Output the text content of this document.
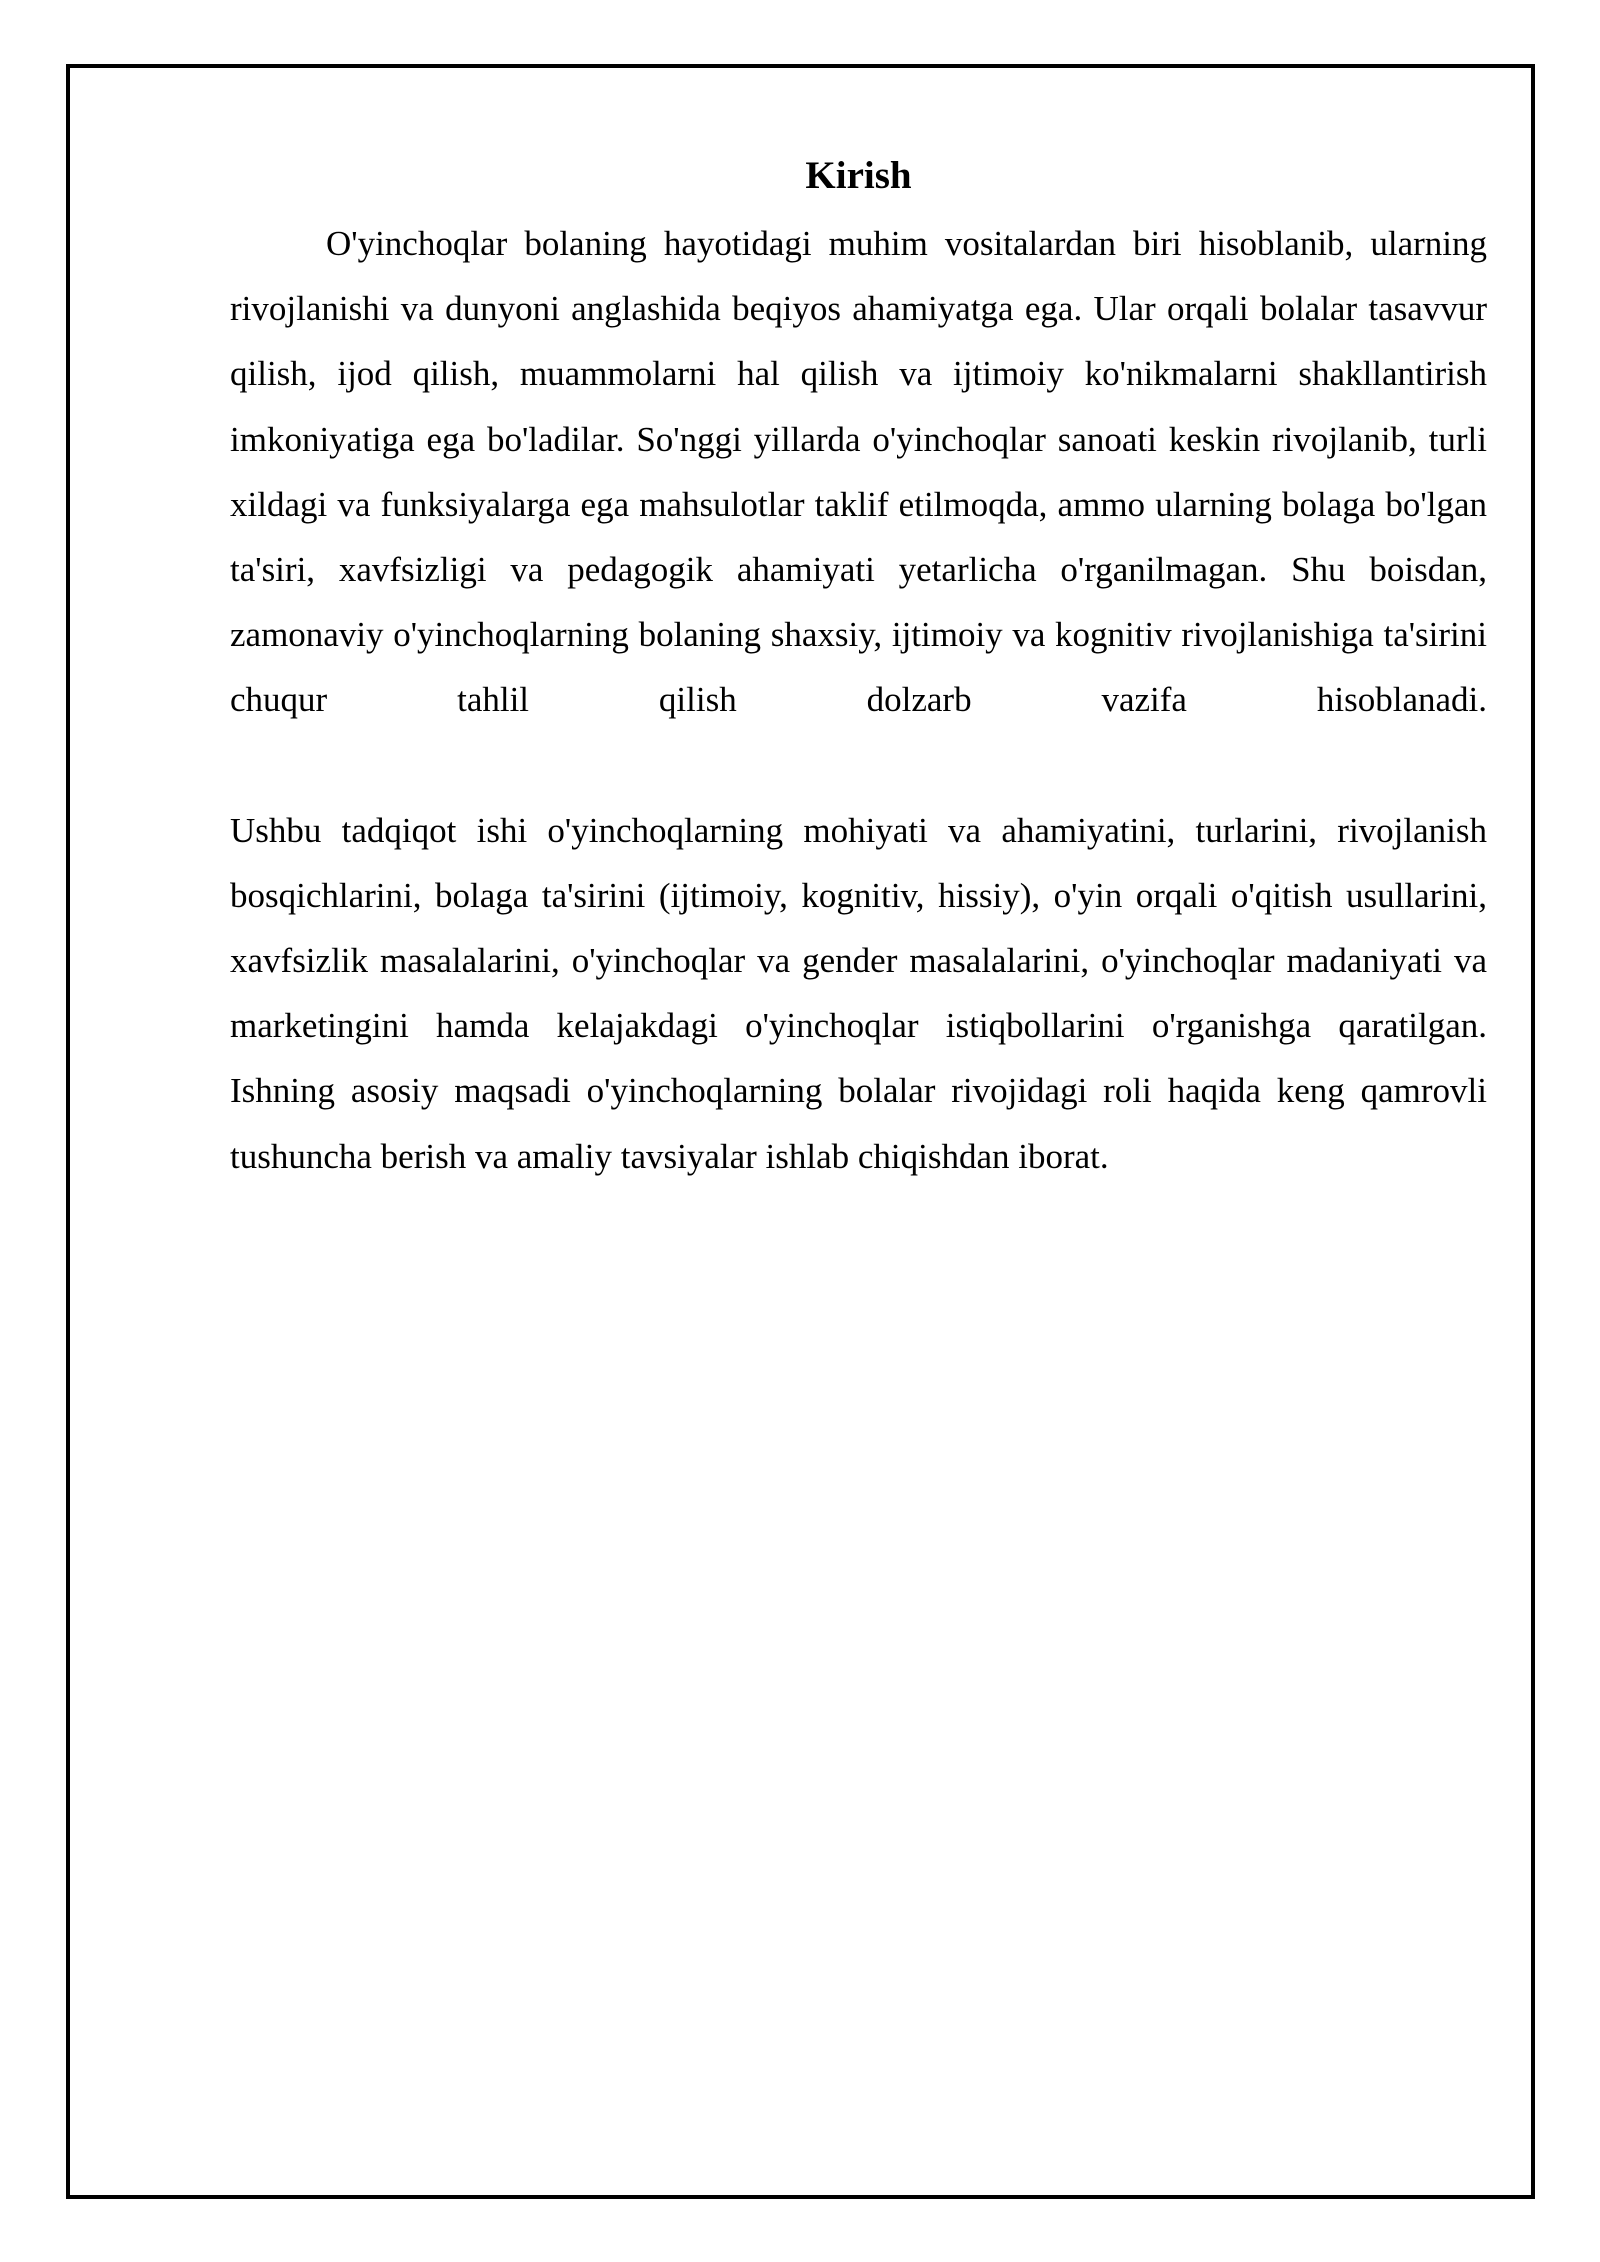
Kirish

O'yinchoqlar bolaning hayotidagi muhim vositalardan biri hisoblanib, ularning rivojlanishi va dunyoni anglashida beqiyos ahamiyatga ega. Ular orqali bolalar tasavvur qilish, ijod qilish, muammolarni hal qilish va ijtimoiy ko'nikmalarni shakllantirish imkoniyatiga ega bo'ladilar. So'nggi yillarda o'yinchoqlar sanoati keskin rivojlanib, turli xildagi va funksiyalarga ega mahsulotlar taklif etilmoqda, ammo ularning bolaga bo'lgan ta'siri, xavfsizligi va pedagogik ahamiyati yetarlicha o'rganilmagan. Shu boisdan, zamonaviy o'yinchoqlarning bolaning shaxsiy, ijtimoiy va kognitiv rivojlanishiga ta'sirini chuqur tahlil qilish dolzarb vazifa hisoblanadi.

Ushbu tadqiqot ishi o'yinchoqlarning mohiyati va ahamiyatini, turlarini, rivojlanish bosqichlarini, bolaga ta'sirini (ijtimoiy, kognitiv, hissiy), o'yin orqali o'qitish usullarini, xavfsizlik masalalarini, o'yinchoqlar va gender masalalarini, o'yinchoqlar madaniyati va marketingini hamda kelajakdagi o'yinchoqlar istiqbollarini o'rganishga qaratilgan. Ishning asosiy maqsadi o'yinchoqlarning bolalar rivojidagi roli haqida keng qamrovli tushuncha berish va amaliy tavsiyalar ishlab chiqishdan iborat.
